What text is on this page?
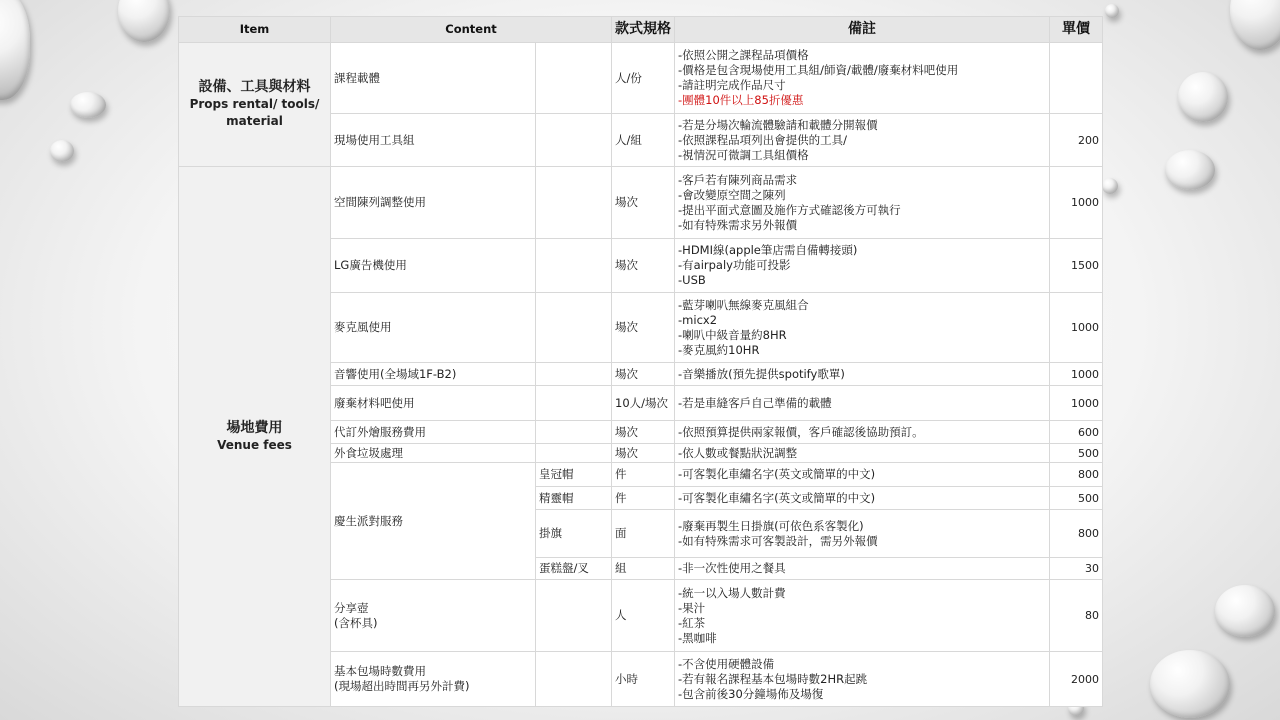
Item	Content		款式規格	備註	單價

設備、工具與材料
Props rental/ tools/ material	課程載體		人/份	-依照公開之課程品項價格
-價格是包含現場使用工具組/師資/載體/廢棄材料吧使用
-請註明完成作品尺寸
-團體10件以上85折優惠	

	現場使用工具組		人/組	-若是分場次輪流體驗請和載體分開報價
-依照課程品項列出會提供的工具/
-視情況可微調工具組價格	200

場地費用
Venue fees	空間陳列調整使用		場次	-客戶若有陳列商品需求
-會改變原空間之陳列
-提出平面式意圖及施作方式確認後方可執行
-如有特殊需求另外報價	1000
	LG廣告機使用		場次	-HDMI線(apple筆店需自備轉接頭)
-有airpaly功能可投影
-USB	1500
	麥克風使用		場次	-藍芽喇叭無線麥克風組合
-micx2
-喇叭中級音量約8HR
-麥克風約10HR	1000
	音響使用(全場域1F-B2)		場次	-音樂播放(預先提供spotify歌單)	1000
	廢棄材料吧使用		10人/場次	-若是車縫客戶自己準備的載體	1000
	代訂外燴服務費用		場次	-依照預算提供兩家報價，客戶確認後協助預訂。	600
	外食垃圾處理		場次	-依人數或餐點狀況調整	500
	慶生派對服務	皇冠帽	件	-可客製化車繡名字(英文或簡單的中文)	800
		精靈帽	件	-可客製化車繡名字(英文或簡單的中文)	500
		掛旗	面	-廢棄再製生日掛旗(可依色系客製化)
-如有特殊需求可客製設計，需另外報價	800
		蛋糕盤/叉	組	-非一次性使用之餐具	30

	分享壺
(含杯具)		人	-統一以入場人數計費
-果汁
-紅茶
-黑咖啡	80

	基本包場時數費用
(現場超出時間再另外計費)		小時	-不含使用硬體設備
-若有報名課程基本包場時數2HR起跳
-包含前後30分鐘場佈及場復	2000
